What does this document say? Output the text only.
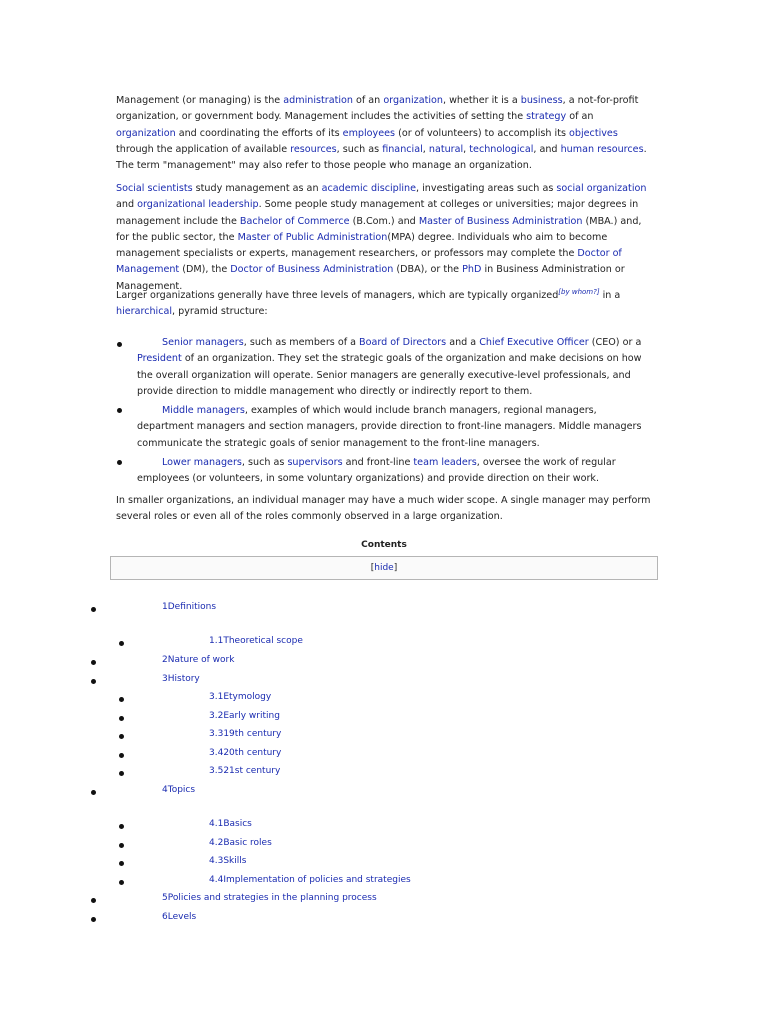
Management (or managing) is the administration of an organization, whether it is a business, a not-for-profit organization, or government body. Management includes the activities of setting the strategy of an organization and coordinating the efforts of its employees (or of volunteers) to accomplish its objectives through the application of available resources, such as financial, natural, technological, and human resources. The term "management" may also refer to those people who manage an organization.

Social scientists study management as an academic discipline, investigating areas such as social organization and organizational leadership. Some people study management at colleges or universities; major degrees in management include the Bachelor of Commerce (B.Com.) and Master of Business Administration (MBA.) and, for the public sector, the Master of Public Administration(MPA) degree. Individuals who aim to become management specialists or experts, management researchers, or professors may complete the Doctor of Management (DM), the Doctor of Business Administration (DBA), or the PhD in Business Administration or Management.

Larger organizations generally have three levels of managers, which are typically organized[by whom?] in a hierarchical, pyramid structure:

Senior managers, such as members of a Board of Directors and a Chief Executive Officer (CEO) or a President of an organization. They set the strategic goals of the organization and make decisions on how the overall organization will operate. Senior managers are generally executive-level professionals, and provide direction to middle management who directly or indirectly report to them.

Middle managers, examples of which would include branch managers, regional managers, department managers and section managers, provide direction to front-line managers. Middle managers communicate the strategic goals of senior management to the front-line managers.

Lower managers, such as supervisors and front-line team leaders, oversee the work of regular employees (or volunteers, in some voluntary organizations) and provide direction on their work.

In smaller organizations, an individual manager may have a much wider scope. A single manager may perform several roles or even all of the roles commonly observed in a large organization.

Contents
[hide]
1Definitions
1.1Theoretical scope
2Nature of work
3History
3.1Etymology
3.2Early writing
3.319th century
3.420th century
3.521st century
4Topics
4.1Basics
4.2Basic roles
4.3Skills
4.4Implementation of policies and strategies
5Policies and strategies in the planning process
6Levels
